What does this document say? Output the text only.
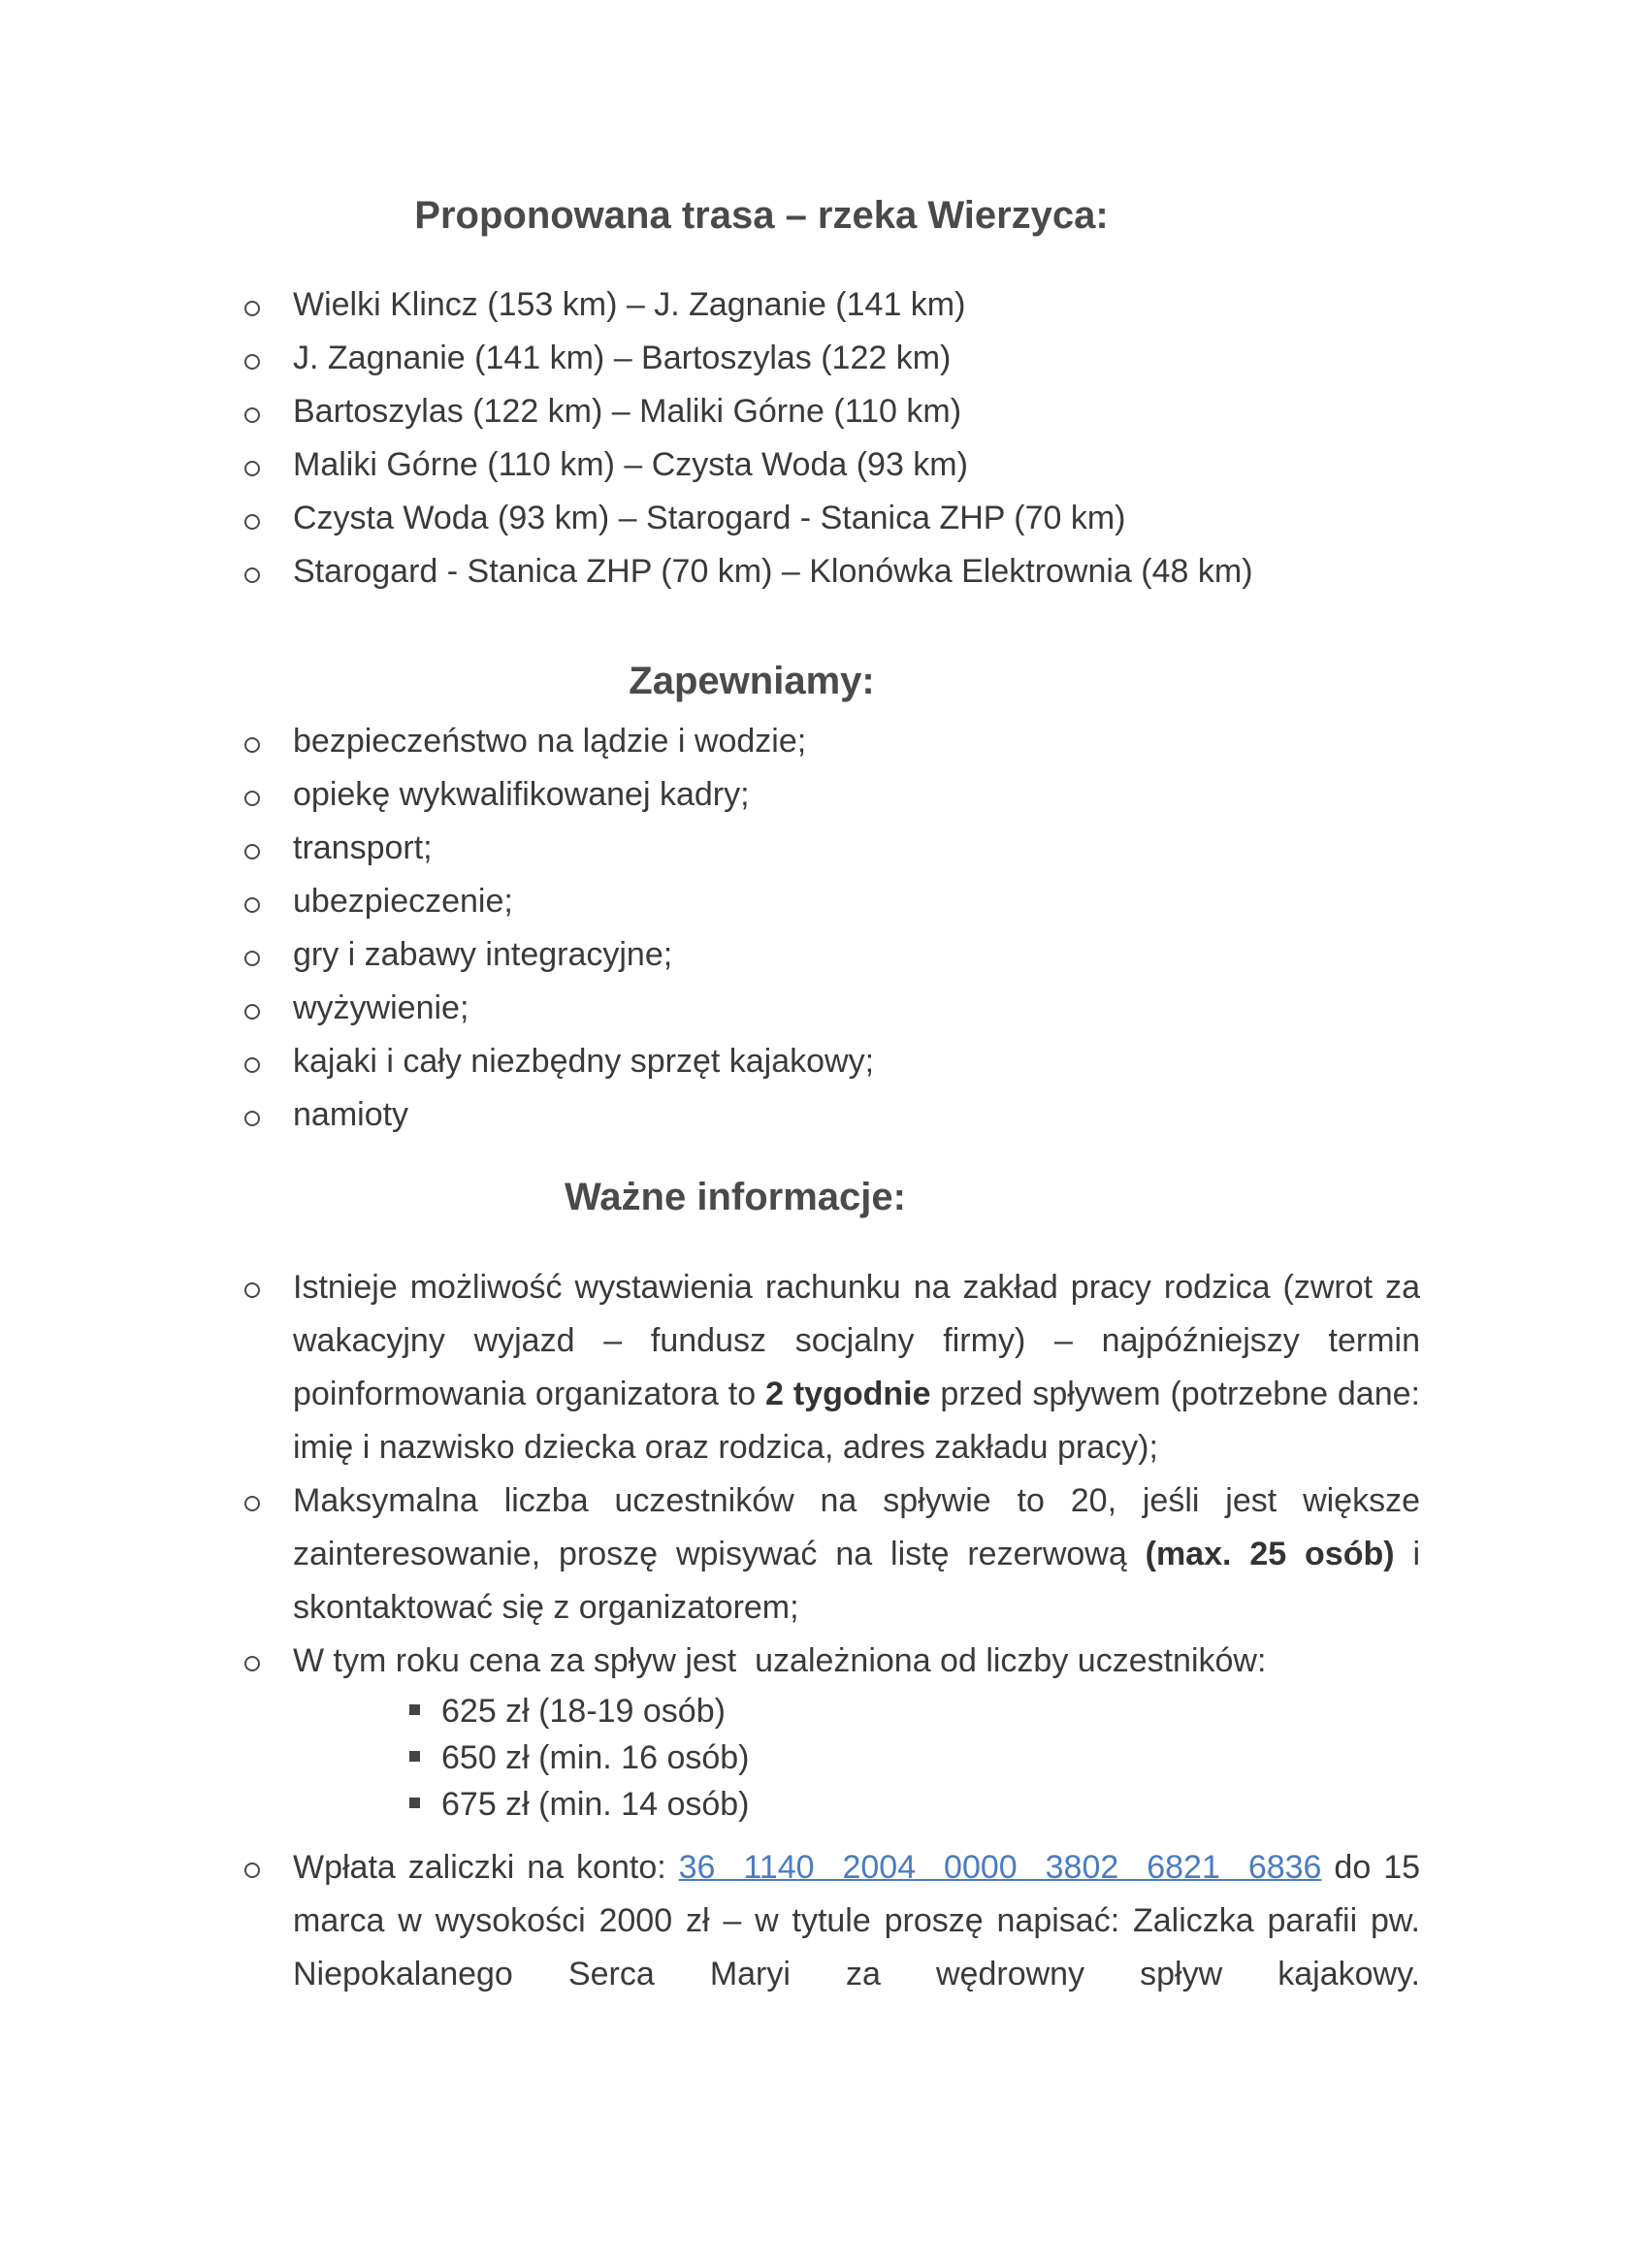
Proponowana trasa – rzeka Wierzyca:
Wielki Klincz (153 km) – J. Zagnanie (141 km)
J. Zagnanie (141 km) – Bartoszylas (122 km)
Bartoszylas (122 km) – Maliki Górne (110 km)
Maliki Górne (110 km) – Czysta Woda (93 km)
Czysta Woda (93 km) – Starogard - Stanica ZHP (70 km)
Starogard - Stanica ZHP (70 km) – Klonówka Elektrownia (48 km)
Zapewniamy:
bezpieczeństwo na lądzie i wodzie;
opiekę wykwalifikowanej kadry;
transport;
ubezpieczenie;
gry i zabawy integracyjne;
wyżywienie;
kajaki i cały niezbędny sprzęt kajakowy;
namioty
Ważne informacje:
Istnieje możliwość wystawienia rachunku na zakład pracy rodzica (zwrot za wakacyjny wyjazd – fundusz socjalny firmy) – najpóźniejszy termin poinformowania organizatora to 2 tygodnie przed spływem (potrzebne dane: imię i nazwisko dziecka oraz rodzica, adres zakładu pracy);
Maksymalna liczba uczestników na spływie to 20, jeśli jest większe zainteresowanie, proszę wpisywać na listę rezerwową (max. 25 osób) i skontaktować się z organizatorem;
W tym roku cena za spływ jest  uzależniona od liczby uczestników:
625 zł (18-19 osób)
650 zł (min. 16 osób)
675 zł (min. 14 osób)
Wpłata zaliczki na konto: 36 1140 2004 0000 3802 6821 6836 do 15 marca w wysokości 2000 zł – w tytule proszę napisać: Zaliczka parafii pw. Niepokalanego Serca Maryi za wędrowny spływ kajakowy.
